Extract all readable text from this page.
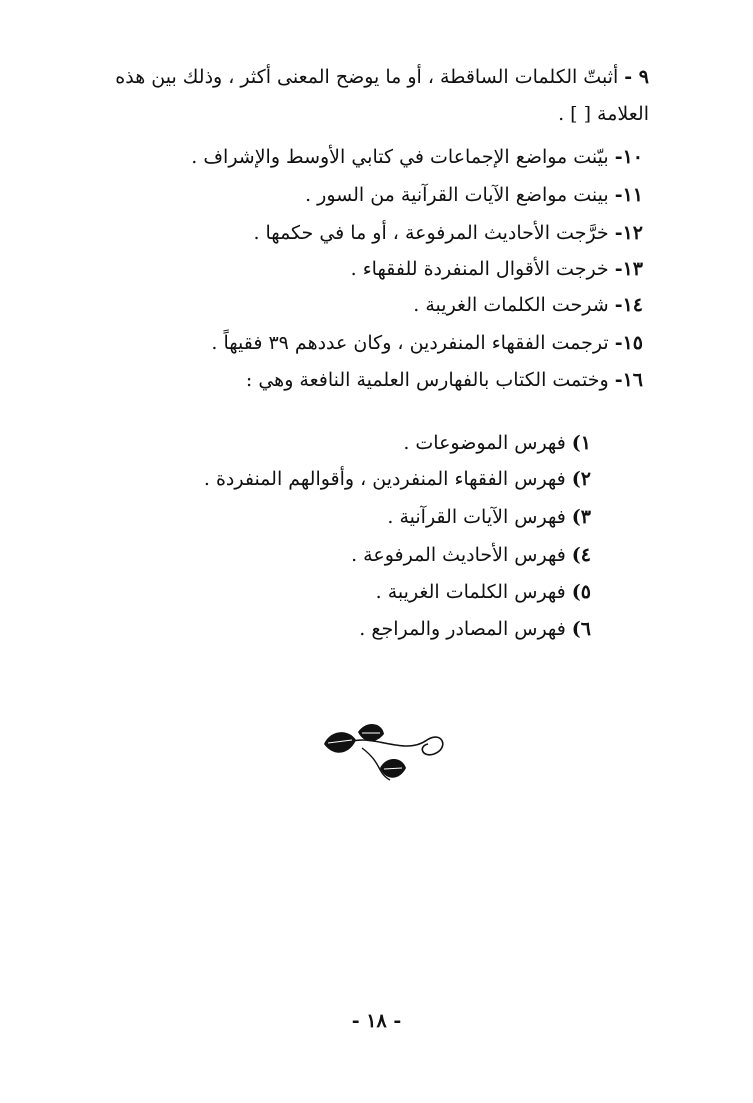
٩ -أثبتّ الكلمات الساقطة ، أو ما يوضح المعنى أكثر ، وذلك بين هذه
العلامة [ ] .
١٠-بيّنت مواضع الإجماعات في كتابي الأوسط والإشراف .
١١-بينت مواضع الآيات القرآنية من السور .
١٢-خرَّجت الأحاديث المرفوعة ، أو ما في حكمها .
١٣-خرجت الأقوال المنفردة للفقهاء .
١٤-شرحت الكلمات الغريبة .
١٥-ترجمت الفقهاء المنفردين ، وكان عددهم ٣٩ فقيهاً .
١٦-وختمت الكتاب بالفهارس العلمية النافعة وهي :
١)فهرس الموضوعات .
٢)فهرس الفقهاء المنفردين ، وأقوالهم المنفردة .
٣)فهرس الآيات القرآنية .
٤)فهرس الأحاديث المرفوعة .
٥)فهرس الكلمات الغريبة .
٦)فهرس المصادر والمراجع .
- ١٨ -
